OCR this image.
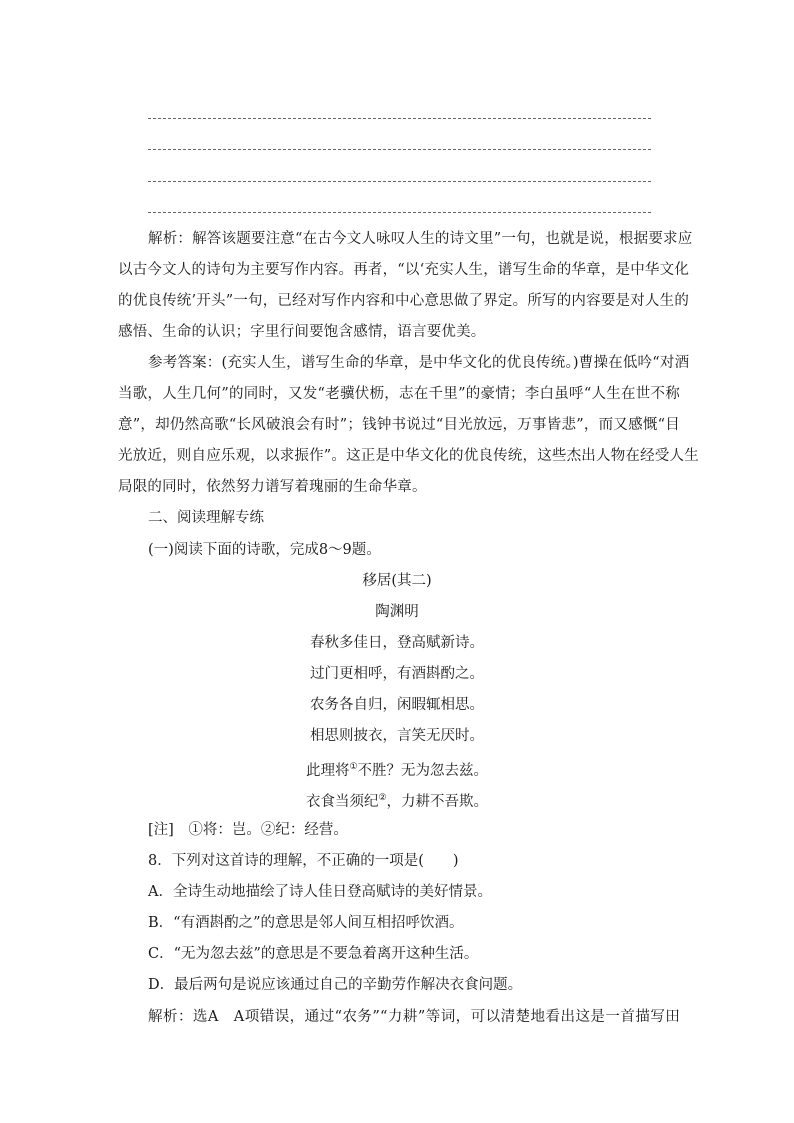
解析：解答该题要注意“在古今文人咏叹人生的诗文里”一句，也就是说，根据要求应
以古今文人的诗句为主要写作内容。再者，“以‘充实人生，谱写生命的华章，是中华文化
的优良传统’开头”一句，已经对写作内容和中心意思做了界定。所写的内容要是对人生的
感悟、生命的认识；字里行间要饱含感情，语言要优美。
参考答案：(充实人生，谱写生命的华章，是中华文化的优良传统。)曹操在低吟“对酒
当歌，人生几何”的同时，又发“老骥伏枥，志在千里”的豪情；李白虽呼“人生在世不称
意”，却仍然高歌“长风破浪会有时”；钱钟书说过“目光放远，万事皆悲”，而又感慨“目
光放近，则自应乐观，以求振作”。这正是中华文化的优良传统，这些杰出人物在经受人生
局限的同时，依然努力谱写着瑰丽的生命华章。
二、阅读理解专练
(一)阅读下面的诗歌，完成8～9题。
移居(其二)
陶渊明
春秋多佳日，登高赋新诗。
过门更相呼，有酒斟酌之。
农务各自归，闲暇辄相思。
相思则披衣，言笑无厌时。
此理将①不胜？无为忽去兹。
衣食当须纪②，力耕不吾欺。
[注]　①将：岂。②纪：经营。
8．下列对这首诗的理解，不正确的一项是(　　)
A．全诗生动地描绘了诗人佳日登高赋诗的美好情景。
B．“有酒斟酌之”的意思是邻人间互相招呼饮酒。
C．“无为忽去兹”的意思是不要急着离开这种生活。
D．最后两句是说应该通过自己的辛勤劳作解决衣食问题。
解析：选A　A项错误，通过“农务”“力耕”等词，可以清楚地看出这是一首描写田
